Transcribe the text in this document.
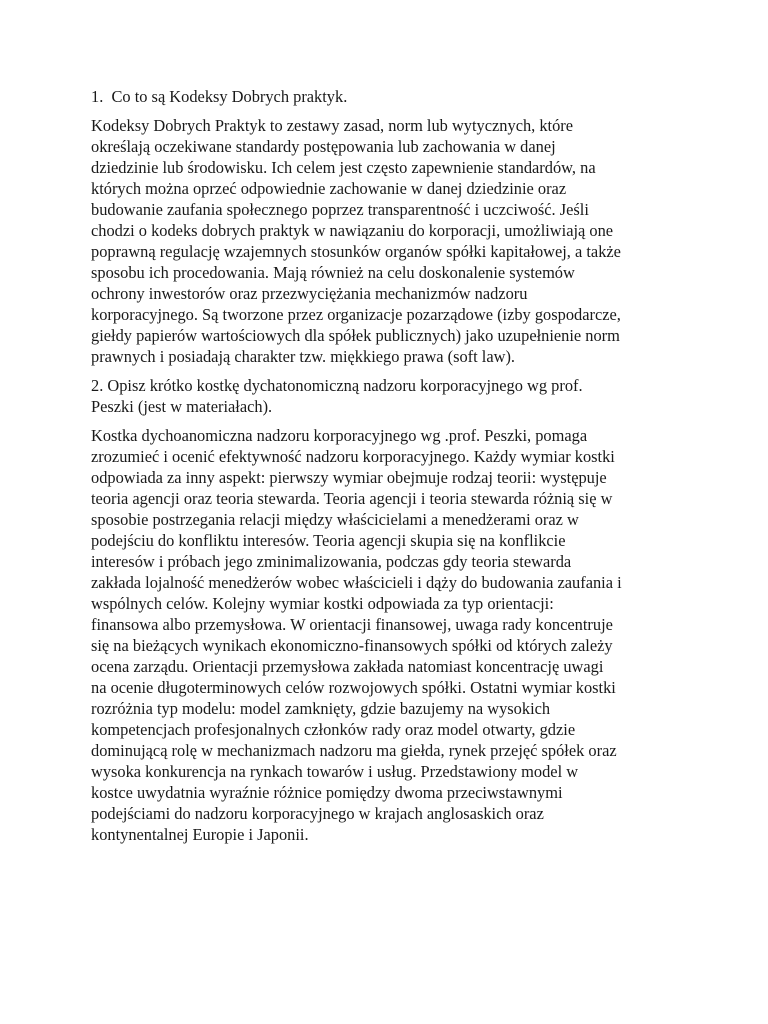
1.  Co to są Kodeksy Dobrych praktyk.
Kodeksy Dobrych Praktyk to zestawy zasad, norm lub wytycznych, które
określają oczekiwane standardy postępowania lub zachowania w danej
dziedzinie lub środowisku. Ich celem jest często zapewnienie standardów, na
których można oprzeć odpowiednie zachowanie w danej dziedzinie oraz
budowanie zaufania społecznego poprzez transparentność i uczciwość. Jeśli
chodzi o kodeks dobrych praktyk w nawiązaniu do korporacji, umożliwiają one
poprawną regulację wzajemnych stosunków organów spółki kapitałowej, a także
sposobu ich procedowania. Mają również na celu doskonalenie systemów
ochrony inwestorów oraz przezwyciężania mechanizmów nadzoru
korporacyjnego. Są tworzone przez organizacje pozarządowe (izby gospodarcze,
giełdy papierów wartościowych dla spółek publicznych) jako uzupełnienie norm
prawnych i posiadają charakter tzw. miękkiego prawa (soft law).
2. Opisz krótko kostkę dychatonomiczną nadzoru korporacyjnego wg prof.
Peszki (jest w materiałach).
Kostka dychoanomiczna nadzoru korporacyjnego wg .prof. Peszki, pomaga
zrozumieć i ocenić efektywność nadzoru korporacyjnego. Każdy wymiar kostki
odpowiada za inny aspekt: pierwszy wymiar obejmuje rodzaj teorii: występuje
teoria agencji oraz teoria stewarda. Teoria agencji i teoria stewarda różnią się w
sposobie postrzegania relacji między właścicielami a menedżerami oraz w
podejściu do konfliktu interesów. Teoria agencji skupia się na konflikcie
interesów i próbach jego zminimalizowania, podczas gdy teoria stewarda
zakłada lojalność menedżerów wobec właścicieli i dąży do budowania zaufania i
wspólnych celów. Kolejny wymiar kostki odpowiada za typ orientacji:
finansowa albo przemysłowa. W orientacji finansowej, uwaga rady koncentruje
się na bieżących wynikach ekonomiczno-finansowych spółki od których zależy
ocena zarządu. Orientacji przemysłowa zakłada natomiast koncentrację uwagi
na ocenie długoterminowych celów rozwojowych spółki. Ostatni wymiar kostki
rozróżnia typ modelu: model zamknięty, gdzie bazujemy na wysokich
kompetencjach profesjonalnych członków rady oraz model otwarty, gdzie
dominującą rolę w mechanizmach nadzoru ma giełda, rynek przejęć spółek oraz
wysoka konkurencja na rynkach towarów i usług. Przedstawiony model w
kostce uwydatnia wyraźnie różnice pomiędzy dwoma przeciwstawnymi
podejściami do nadzoru korporacyjnego w krajach anglosaskich oraz
kontynentalnej Europie i Japonii.
